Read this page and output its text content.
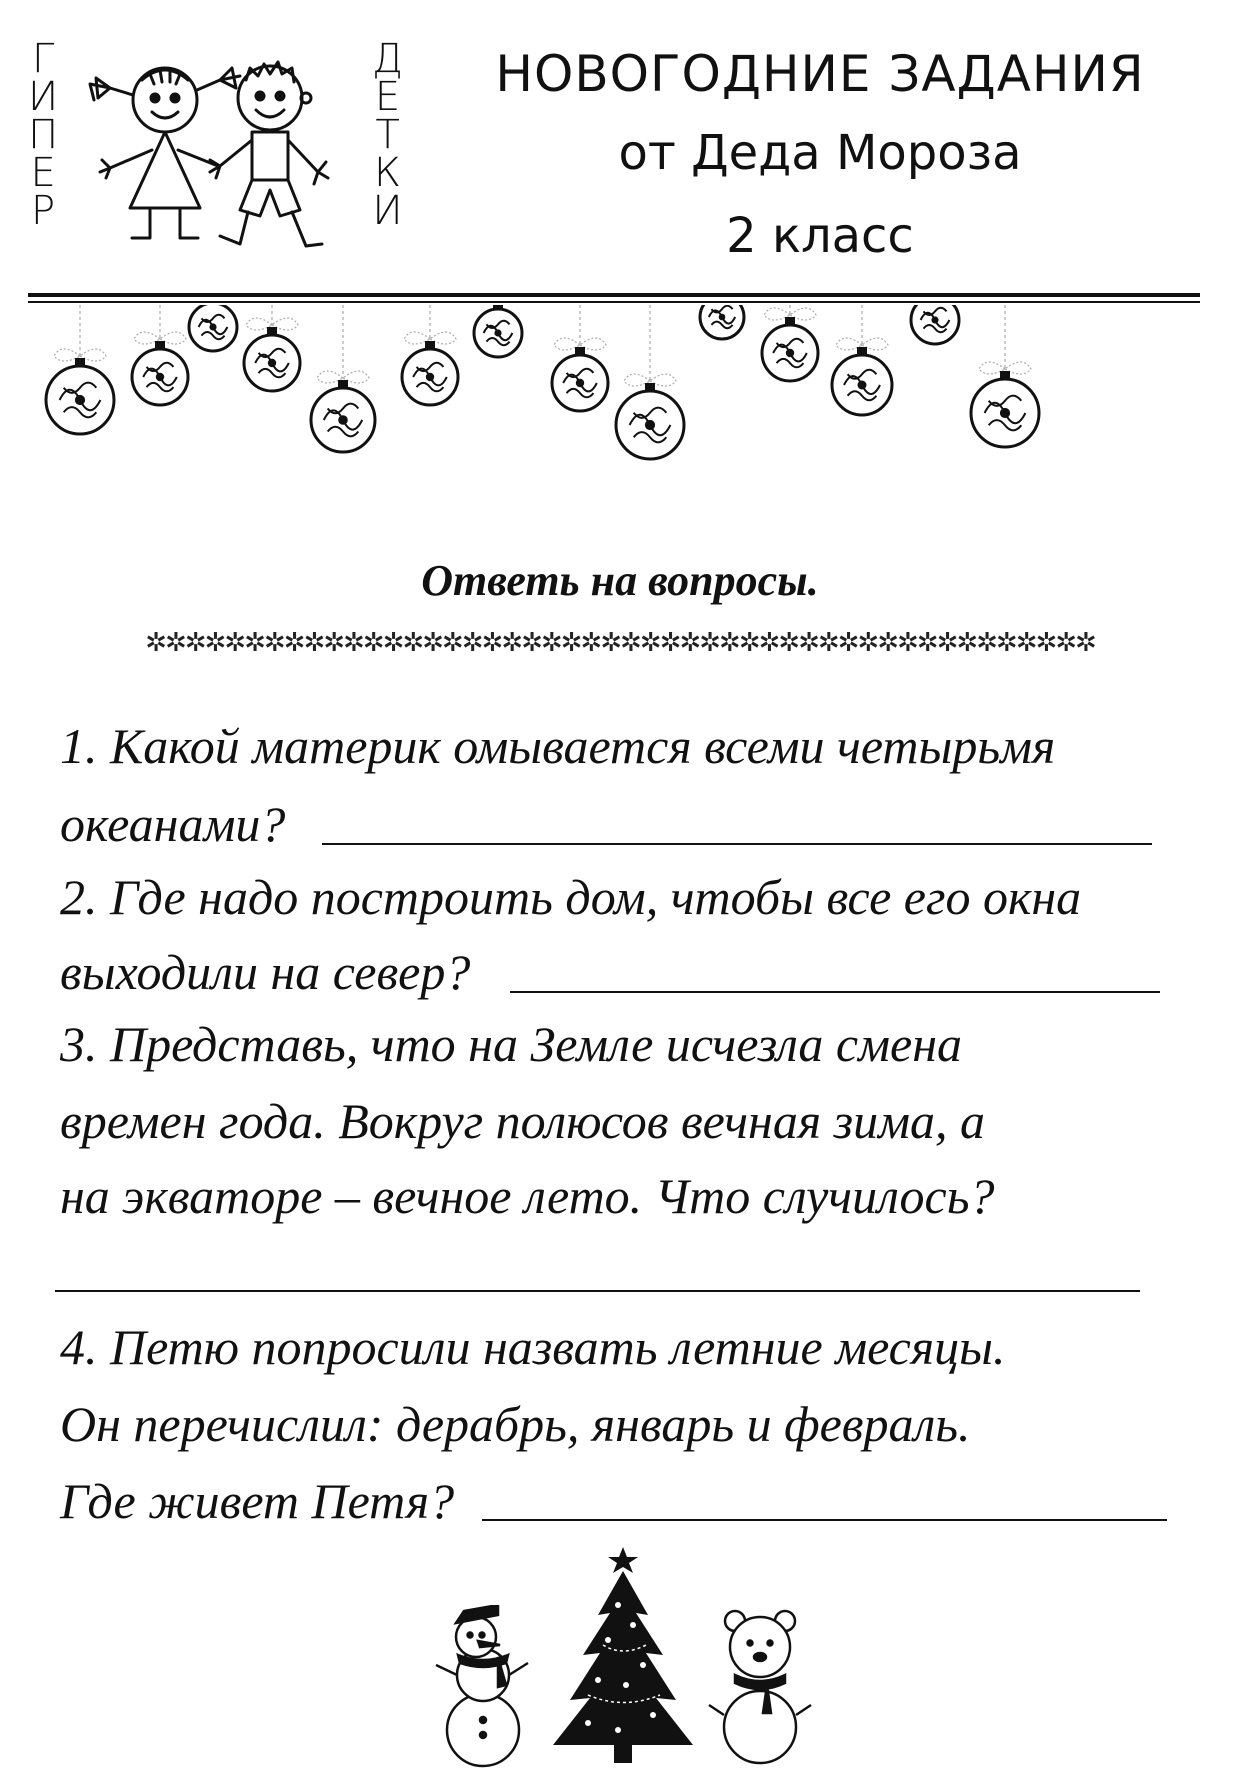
Г
И
П
Е
Р
Д
Е
Т
К
И
НОВОГОДНИЕ ЗАДАНИЯ
от Деда Мороза
2 класс
Ответь на вопросы.
✲✲✲✲✲✲✲✲✲✲✲✲✲✲✲✲✲✲✲✲✲✲✲✲✲✲✲✲✲✲✲✲✲✲✲✲✲✲✲✲✲✲✲✲✲✲✲✲
1. Какой материк омывается всеми четырьмя
океанами?
2. Где надо построить дом, чтобы все его окна
выходили на север?
3. Представь, что на Земле исчезла смена
времен года. Вокруг полюсов вечная зима, а
на экваторе – вечное лето. Что случилось?
4. Петю попросили назвать летние месяцы.
Он перечислил: дерабрь, январь и февраль.
Где живет Петя?
